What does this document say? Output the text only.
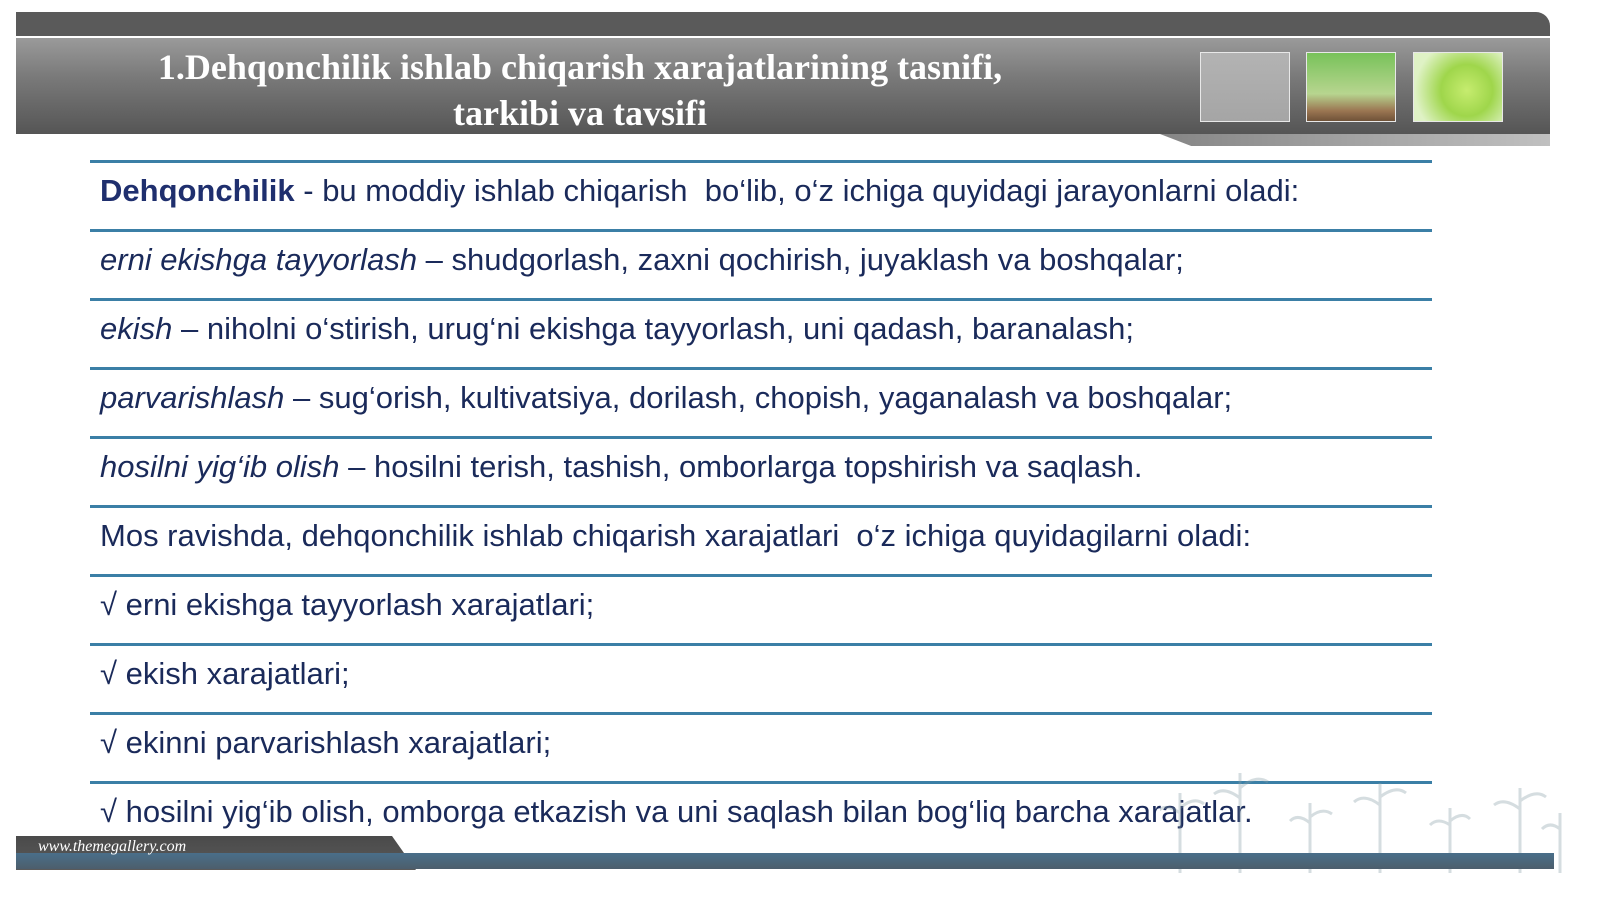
1.Dehqonchilik ishlab chiqarish xarajatlarining tasnifi,
tarkibi va tavsifi
Dehqonchilik - bu moddiy ishlab chiqarish  bo‘lib, o‘z ichiga quyidagi jarayonlarni oladi:
erni ekishga tayyorlash – shudgorlash, zaxni qochirish, juyaklash va boshqalar;
ekish – niholni o‘stirish, urug‘ni ekishga tayyorlash, uni qadash, baranalash;
parvarishlash – sug‘orish, kultivatsiya, dorilash, chopish, yaganalash va boshqalar;
hosilni yig‘ib olish – hosilni terish, tashish, omborlarga topshirish va saqlash.
Mos ravishda, dehqonchilik ishlab chiqarish xarajatlari  o‘z ichiga quyidagilarni oladi:
√ erni ekishga tayyorlash xarajatlari;
√ ekish xarajatlari;
√ ekinni parvarishlash xarajatlari;
√ hosilni yig‘ib olish, omborga etkazish va uni saqlash bilan bog‘liq barcha xarajatlar.
www.themegallery.com
